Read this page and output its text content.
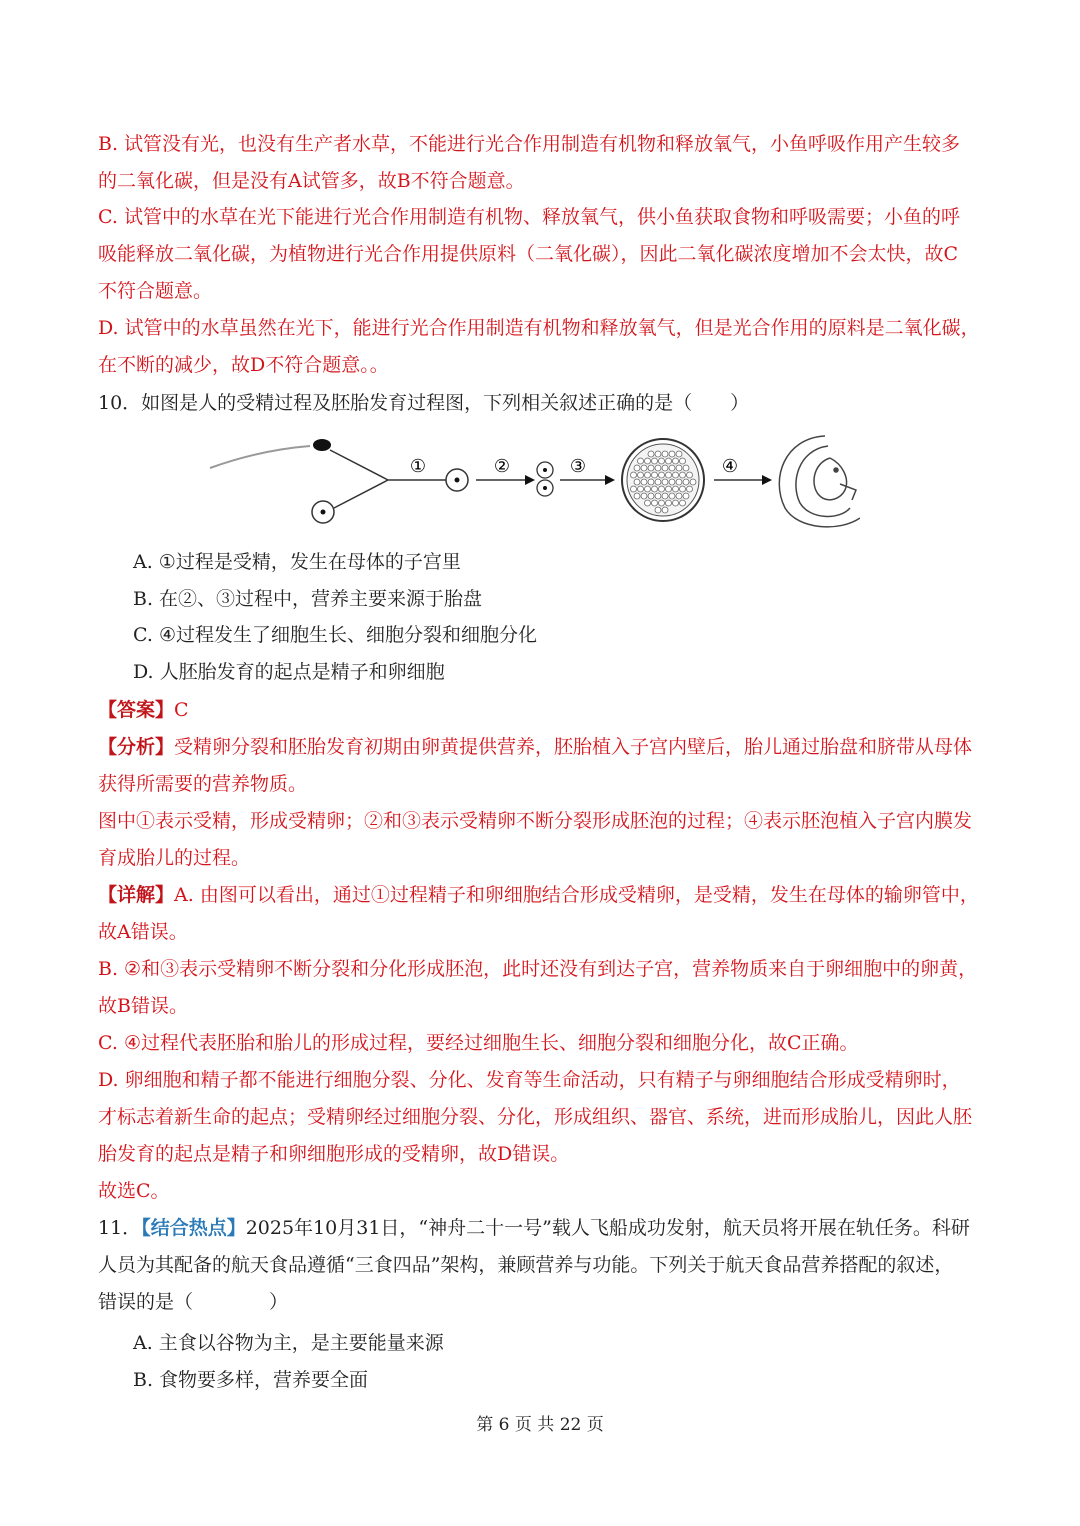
B. 试管没有光，也没有生产者水草，不能进行光合作用制造有机物和释放氧气，小鱼呼吸作用产生较多
的二氧化碳，但是没有A试管多，故B不符合题意。
C. 试管中的水草在光下能进行光合作用制造有机物、释放氧气，供小鱼获取食物和呼吸需要；小鱼的呼
吸能释放二氧化碳，为植物进行光合作用提供原料（二氧化碳），因此二氧化碳浓度增加不会太快，故C
不符合题意。
D. 试管中的水草虽然在光下，能进行光合作用制造有机物和释放氧气，但是光合作用的原料是二氧化碳，
在不断的减少，故D不符合题意。。
10．如图是人的受精过程及胚胎发育过程图，下列相关叙述正确的是（　　）
①	②	③	④
A. ①过程是受精，发生在母体的子宫里
B. 在②、③过程中，营养主要来源于胎盘
C. ④过程发生了细胞生长、细胞分裂和细胞分化
D. 人胚胎发育的起点是精子和卵细胞
【答案】C
【分析】受精卵分裂和胚胎发育初期由卵黄提供营养，胚胎植入子宫内壁后，胎儿通过胎盘和脐带从母体
获得所需要的营养物质。
图中①表示受精，形成受精卵；②和③表示受精卵不断分裂形成胚泡的过程；④表示胚泡植入子宫内膜发
育成胎儿的过程。
【详解】A. 由图可以看出，通过①过程精子和卵细胞结合形成受精卵，是受精，发生在母体的输卵管中，
故A错误。
B. ②和③表示受精卵不断分裂和分化形成胚泡，此时还没有到达子宫，营养物质来自于卵细胞中的卵黄，
故B错误。
C. ④过程代表胚胎和胎儿的形成过程，要经过细胞生长、细胞分裂和细胞分化，故C正确。
D. 卵细胞和精子都不能进行细胞分裂、分化、发育等生命活动，只有精子与卵细胞结合形成受精卵时，
才标志着新生命的起点；受精卵经过细胞分裂、分化，形成组织、器官、系统，进而形成胎儿，因此人胚
胎发育的起点是精子和卵细胞形成的受精卵，故D错误。
故选C。
11．【结合热点】2025年10月31日，“神舟二十一号”载人飞船成功发射，航天员将开展在轨任务。科研
人员为其配备的航天食品遵循“三食四品”架构，兼顾营养与功能。下列关于航天食品营养搭配的叙述，
错误的是（　　　　）
A. 主食以谷物为主，是主要能量来源
B. 食物要多样，营养要全面
第 6 页 共 22 页
